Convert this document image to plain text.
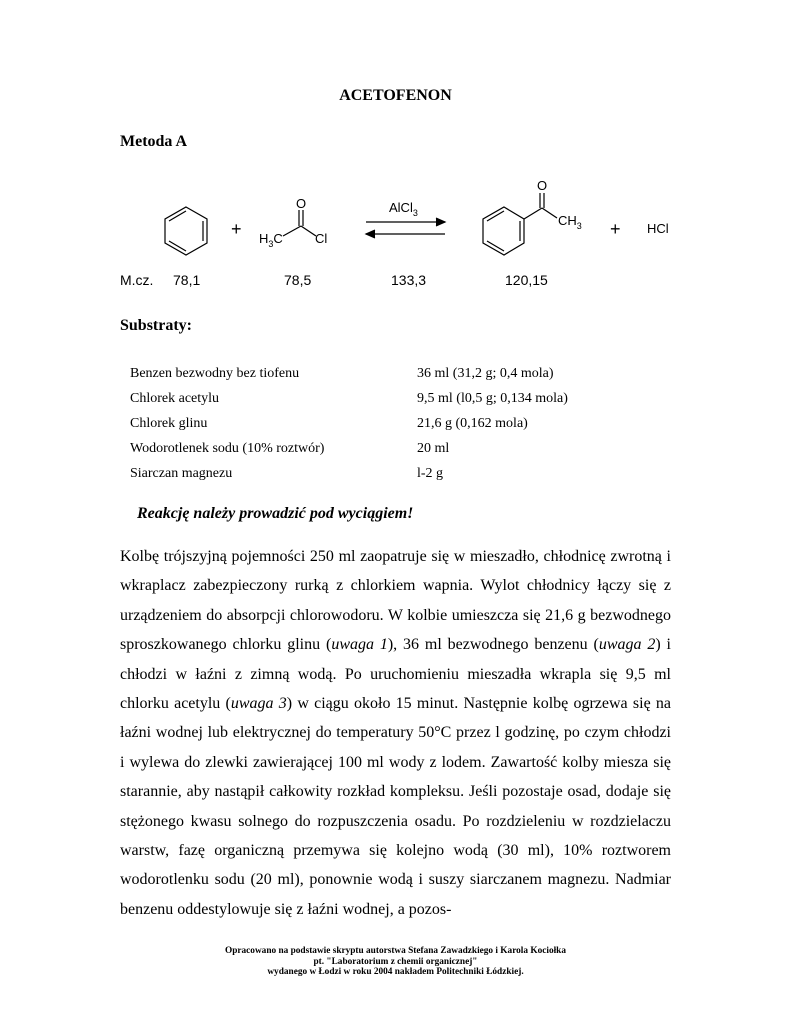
ACETOFENON
Metoda A
+
O
$H_3C$ Cl
AlCl$_3$
O
$CH_3$ + HCl
M.cz. 78,1	78,5	133,3	120,15
Substraty:
Benzen bezwodny bez tiofenu	36 ml (31,2 g; 0,4 mola)
Chlorek acetylu	9,5 ml (l0,5 g; 0,134 mola)
Chlorek glinu	21,6 g (0,162 mola)
Wodorotlenek sodu (10% roztwór)	20 ml
Siarczan magnezu	l-2 g
Reakcję należy prowadzić pod wyciągiem!

Kolbę trójszyjną pojemności 250 ml zaopatruje się w mieszadło, chłodnicę zwrotną i wkraplacz zabezpieczony rurką z chlorkiem wapnia. Wylot chłodnicy łączy się z urządzeniem do absorpcji chlorowodoru. W kolbie umieszcza się 21,6 g bezwodnego sproszkowanego chlorku glinu (uwaga 1), 36 ml bezwodnego benzenu (uwaga 2) i chłodzi w łaźni z zimną wodą. Po uruchomieniu mieszadła wkrapla się 9,5 ml chlorku acetylu (uwaga 3) w ciągu około 15 minut. Następnie kolbę ogrzewa się na łaźni wodnej lub elektrycznej do temperatury 50°C przez l godzinę, po czym chłodzi i wylewa do zlewki zawierającej 100 ml wody z lodem. Zawartość kolby miesza się starannie, aby nastąpił całkowity rozkład kompleksu. Jeśli pozostaje osad, dodaje się stężonego kwasu solnego do rozpuszczenia osadu. Po rozdzieleniu w rozdzielaczu warstw, fazę organiczną przemywa się kolejno wodą (30 ml), 10% roztworem wodorotlenku sodu (20 ml), ponownie wodą i suszy siarczanem magnezu. Nadmiar benzenu oddestylowuje się z łaźni wodnej, a pozos-

Opracowano na podstawie skryptu autorstwa Stefana Zawadzkiego i Karola Kociołka
pt. "Laboratorium z chemii organicznej"
wydanego w Łodzi w roku 2004 nakładem Politechniki Łódzkiej.
